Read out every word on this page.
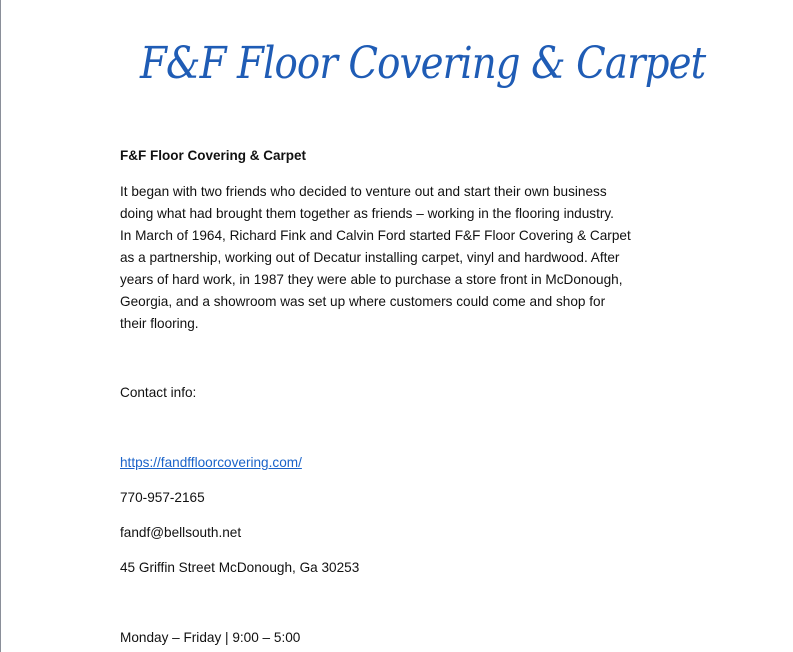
F&F Floor Covering & Carpet
F&F Floor Covering & Carpet
It began with two friends who decided to venture out and start their own business
doing what had brought them together as friends – working in the flooring industry.
In March of 1964, Richard Fink and Calvin Ford started F&F Floor Covering & Carpet
as a partnership, working out of Decatur installing carpet, vinyl and hardwood. After
years of hard work, in 1987 they were able to purchase a store front in McDonough,
Georgia, and a showroom was set up where customers could come and shop for
their flooring.
Contact info:
https://fandffloorcovering.com/
770-957-2165
fandf@bellsouth.net
45 Griffin Street McDonough, Ga 30253
Monday – Friday | 9:00 – 5:00
